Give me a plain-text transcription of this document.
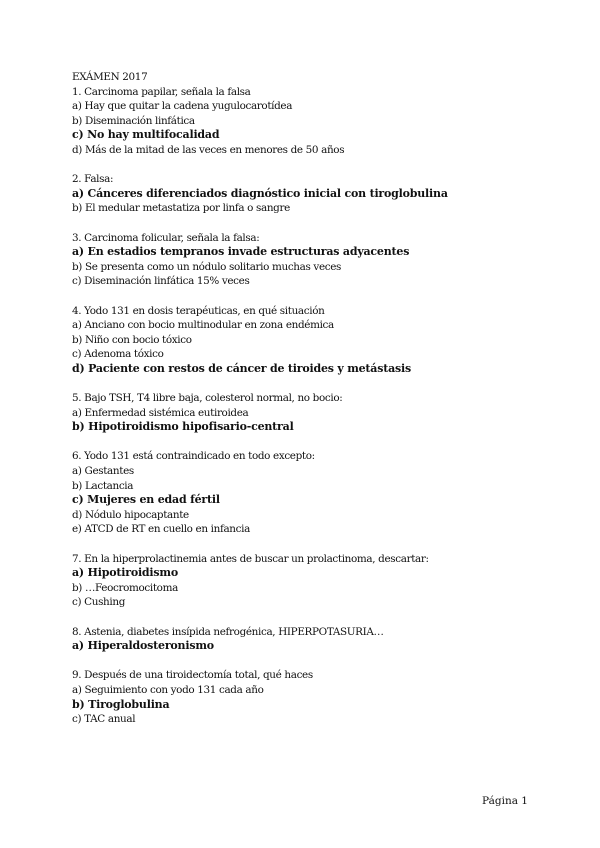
EXÁMEN 2017
1. Carcinoma papilar, señala la falsa
a) Hay que quitar la cadena yugulocarotídea
b) Diseminación linfática
c) No hay multifocalidad
d) Más de la mitad de las veces en menores de 50 años
2. Falsa:
a) Cánceres diferenciados diagnóstico inicial con tiroglobulina
b) El medular metastatiza por linfa o sangre
3. Carcinoma folicular, señala la falsa:
a) En estadios tempranos invade estructuras adyacentes
b) Se presenta como un nódulo solitario muchas veces
c) Diseminación linfática 15% veces
4. Yodo 131 en dosis terapéuticas, en qué situación
a) Anciano con bocio multinodular en zona endémica
b) Niño con bocio tóxico
c) Adenoma tóxico
d) Paciente con restos de cáncer de tiroides y metástasis
5. Bajo TSH, T4 libre baja, colesterol normal, no bocio:
a) Enfermedad sistémica eutiroidea
b) Hipotiroidismo hipofisario-central
6. Yodo 131 está contraindicado en todo excepto:
a) Gestantes
b) Lactancia
c) Mujeres en edad fértil
d) Nódulo hipocaptante
e) ATCD de RT en cuello en infancia
7. En la hiperprolactinemia antes de buscar un prolactinoma, descartar:
a) Hipotiroidismo
b) …Feocromocitoma
c) Cushing
8. Astenia, diabetes insípida nefrogénica, HIPERPOTASURIA…
a) Hiperaldosteronismo
9. Después de una tiroidectomía total, qué haces
a) Seguimiento con yodo 131 cada año
b) Tiroglobulina
c) TAC anual
Página 1
